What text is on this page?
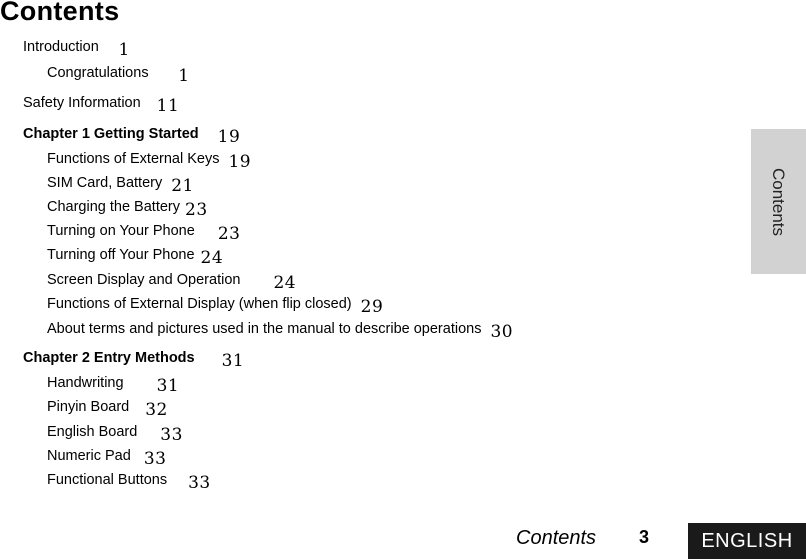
Contents
Introduction	1
Congratulations	1
Safety Information 11
Chapter 1 Getting Started 19
Functions of External Keys 19
SIM Card, Battery 21
Charging the Battery 23
Turning on Your Phone 23
Turning off Your Phone 24
Screen Display and Operation 24
Functions of External Display (when flip closed) 29
About terms and pictures used in the manual to describe operations 30
Chapter 2 Entry Methods 31
Handwriting 31
Pinyin Board 32
English Board 33
Numeric Pad 33
Functional Buttons 33
Contents
Contents 3	ENGLISH
